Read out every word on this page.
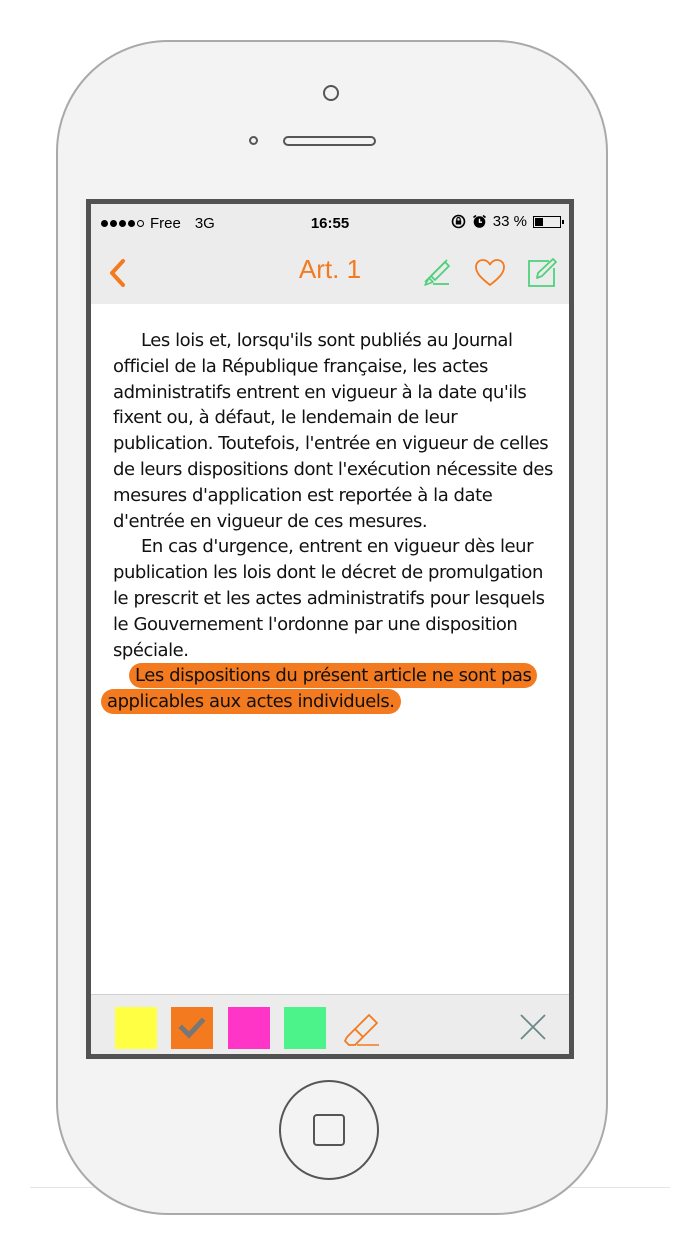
Free 3G	16:55	33 %
Art. 1

Les lois et, lorsqu'ils sont publiés au Journal officiel de la République française, les actes administratifs entrent en vigueur à la date qu'ils fixent ou, à défaut, le lendemain de leur publication. Toutefois, l'entrée en vigueur de celles de leurs dispositions dont l'exécution nécessite des mesures d'application est reportée à la date d'entrée en vigueur de ces mesures.

En cas d'urgence, entrent en vigueur dès leur publication les lois dont le décret de promulgation le prescrit et les actes administratifs pour lesquels le Gouvernement l'ordonne par une disposition spéciale.

Les dispositions du présent article ne sont pas applicables aux actes individuels.
